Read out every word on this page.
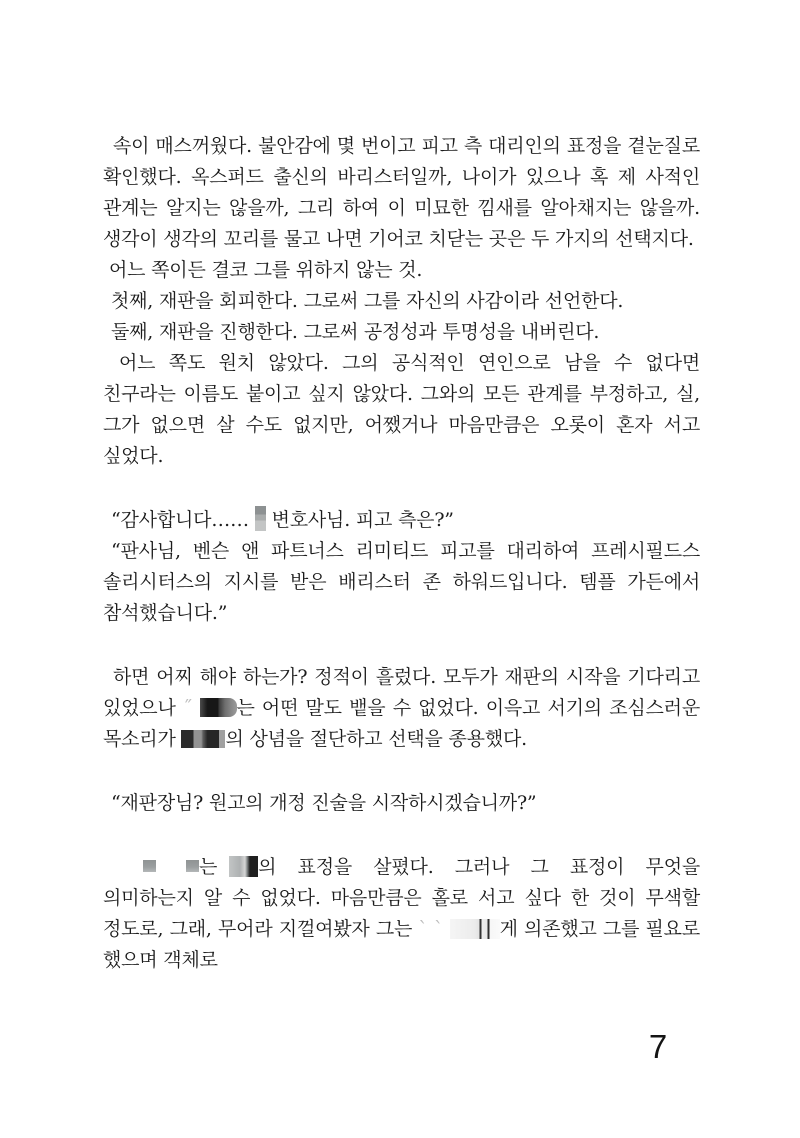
속이 매스꺼웠다. 불안감에 몇 번이고 피고 측 대리인의 표정을 곁눈질로 확인했다. 옥스퍼드 출신의 바리스터일까, 나이가 있으나 혹 제 사적인 관계는 알지는 않을까, 그리 하여 이 미묘한 낌새를 알아채지는 않을까. 생각이 생각의 꼬리를 물고 나면 기어코 치닫는 곳은 두 가지의 선택지다.
어느 쪽이든 결코 그를 위하지 않는 것.
첫째, 재판을 회피한다. 그로써 그를 자신의 사감이라 선언한다.
둘째, 재판을 진행한다. 그로써 공정성과 투명성을 내버린다.
어느 쪽도 원치 않았다. 그의 공식적인 연인으로 남을 수 없다면 친구라는 이름도 붙이고 싶지 않았다. 그와의 모든 관계를 부정하고, 실, 그가 없으면 살 수도 없지만, 어쨌거나 마음만큼은 오롯이 혼자 서고 싶었다.
“감사합니다……  변호사님. 피고 측은?”
“판사님, 벤슨 앤 파트너스 리미티드 피고를 대리하여 프레시필드스 솔리시터스의 지시를 받은 배리스터 존 하워드입니다. 템플 가든에서 참석했습니다.”
하면 어찌 해야 하는가? 정적이 흘렀다. 모두가 재판의 시작을 기다리고 있었으나 ˝ 는 어떤 말도 뱉을 수 없었다. 이윽고 서기의 조심스러운 목소리가 의 상념을 절단하고 선택을 종용했다.
“재판장님? 원고의 개정 진술을 시작하시겠습니까?”
는 의 표정을 살폈다. 그러나 그 표정이 무엇을 의미하는지 알 수 없었다. 마음만큼은 홀로 서고 싶다 한 것이 무색할 정도로, 그래, 무어라 지껄여봤자 그는 ` `	게 의존했고 그를 필요로 했으며 객체로
7
